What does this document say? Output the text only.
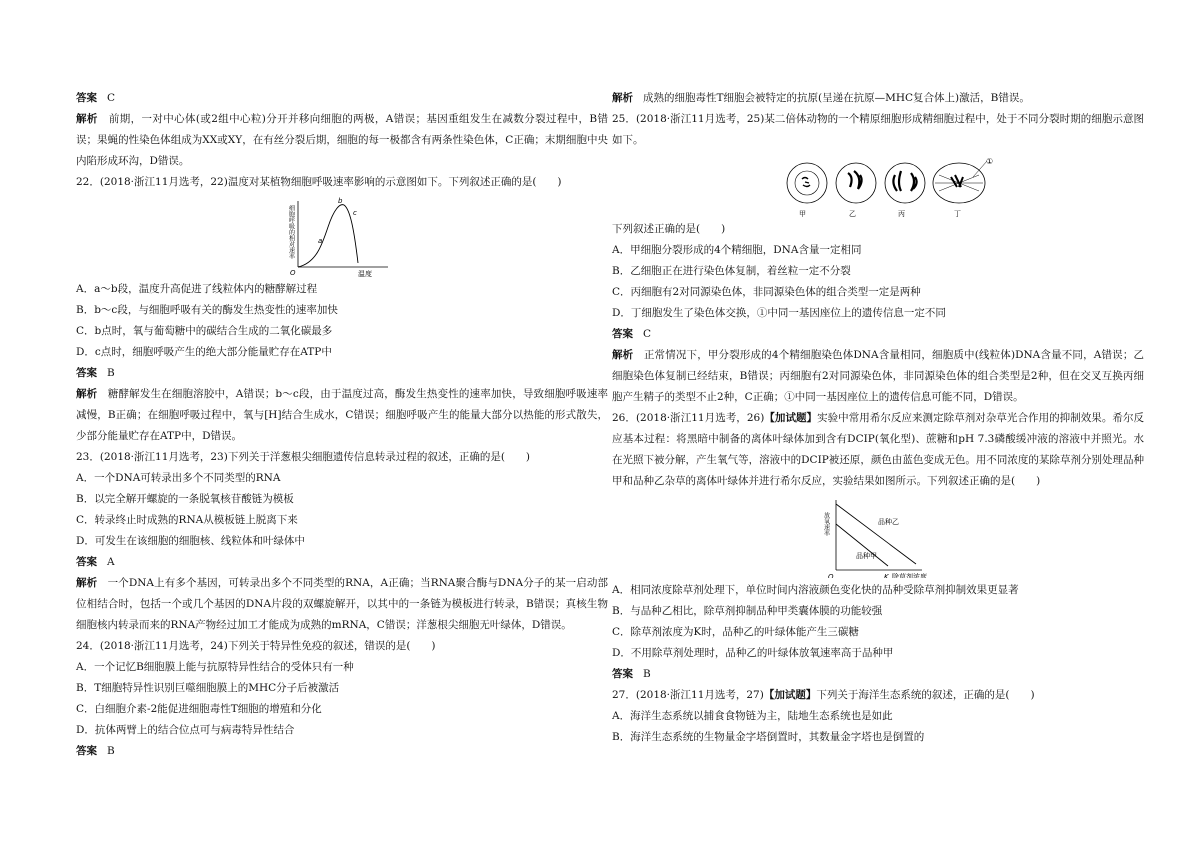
答案 C

解析 前期，一对中心体(或2组中心粒)分开并移向细胞的两极，A错误；基因重组发生在减数分裂过程中，B错误；果蝇的性染色体组成为XX或XY，在有丝分裂后期，细胞的每一极都含有两条性染色体，C正确；末期细胞中央内陷形成环沟，D错误。

22．(2018·浙江11月选考，22)温度对某植物细胞呼吸速率影响的示意图如下。下列叙述正确的是(　　)

细胞呼吸的相对速率
温度
O
a
b
c

A．a～b段，温度升高促进了线粒体内的糖酵解过程

B．b～c段，与细胞呼吸有关的酶发生热变性的速率加快

C．b点时，氧与葡萄糖中的碳结合生成的二氧化碳最多

D．c点时，细胞呼吸产生的绝大部分能量贮存在ATP中

答案 B

解析 糖酵解发生在细胞溶胶中，A错误；b～c段，由于温度过高，酶发生热变性的速率加快，导致细胞呼吸速率减慢，B正确；在细胞呼吸过程中，氧与[H]结合生成水，C错误；细胞呼吸产生的能量大部分以热能的形式散失，少部分能量贮存在ATP中，D错误。

23．(2018·浙江11月选考，23)下列关于洋葱根尖细胞遗传信息转录过程的叙述，正确的是(　　)

A．一个DNA可转录出多个不同类型的RNA

B．以完全解开螺旋的一条脱氧核苷酸链为模板

C．转录终止时成熟的RNA从模板链上脱离下来

D．可发生在该细胞的细胞核、线粒体和叶绿体中

答案 A

解析 一个DNA上有多个基因，可转录出多个不同类型的RNA，A正确；当RNA聚合酶与DNA分子的某一启动部位相结合时，包括一个或几个基因的DNA片段的双螺旋解开，以其中的一条链为模板进行转录，B错误；真核生物细胞核内转录而来的RNA产物经过加工才能成为成熟的mRNA，C错误；洋葱根尖细胞无叶绿体，D错误。

24．(2018·浙江11月选考，24)下列关于特异性免疫的叙述，错误的是(　　)

A．一个记忆B细胞膜上能与抗原特异性结合的受体只有一种

B．T细胞特异性识别巨噬细胞膜上的MHC分子后被激活

C．白细胞介素-2能促进细胞毒性T细胞的增殖和分化

D．抗体两臂上的结合位点可与病毒特异性结合

答案 B

解析 成熟的细胞毒性T细胞会被特定的抗原(呈递在抗原—MHC复合体上)激活，B错误。

25．(2018·浙江11月选考，25)某二倍体动物的一个精原细胞形成精细胞过程中，处于不同分裂时期的细胞示意图如下。

甲	乙	丙
①
丁

下列叙述正确的是(　　)

A．甲细胞分裂形成的4个精细胞，DNA含量一定相同

B．乙细胞正在进行染色体复制，着丝粒一定不分裂

C．丙细胞有2对同源染色体，非同源染色体的组合类型一定是两种

D．丁细胞发生了染色体交换，①中同一基因座位上的遗传信息一定不同

答案 C

解析 正常情况下，甲分裂形成的4个精细胞染色体DNA含量相同，细胞质中(线粒体)DNA含量不同，A错误；乙细胞染色体复制已经结束，B错误；丙细胞有2对同源染色体，非同源染色体的组合类型是2种，但在交叉互换丙细胞产生精子的类型不止2种，C正确；①中同一基因座位上的遗传信息可能不同，D错误。

26．(2018·浙江11月选考，26)【加试题】实验中常用希尔反应来测定除草剂对杂草光合作用的抑制效果。希尔反应基本过程：将黑暗中制备的离体叶绿体加到含有DCIP(氧化型)、蔗糖和pH 7.3磷酸缓冲液的溶液中并照光。水在光照下被分解，产生氧气等，溶液中的DCIP被还原，颜色由蓝色变成无色。用不同浓度的某除草剂分别处理品种甲和品种乙杂草的离体叶绿体并进行希尔反应，实验结果如图所示。下列叙述正确的是(　　)

放氧速率
除草剂浓度
O
品种乙
品种甲
K

A．相同浓度除草剂处理下，单位时间内溶液颜色变化快的品种受除草剂抑制效果更显著

B．与品种乙相比，除草剂抑制品种甲类囊体膜的功能较强

C．除草剂浓度为K时，品种乙的叶绿体能产生三碳糖

D．不用除草剂处理时，品种乙的叶绿体放氧速率高于品种甲

答案 B

27．(2018·浙江11月选考，27)【加试题】下列关于海洋生态系统的叙述，正确的是(　　)

A．海洋生态系统以捕食食物链为主，陆地生态系统也是如此

B．海洋生态系统的生物量金字塔倒置时，其数量金字塔也是倒置的
